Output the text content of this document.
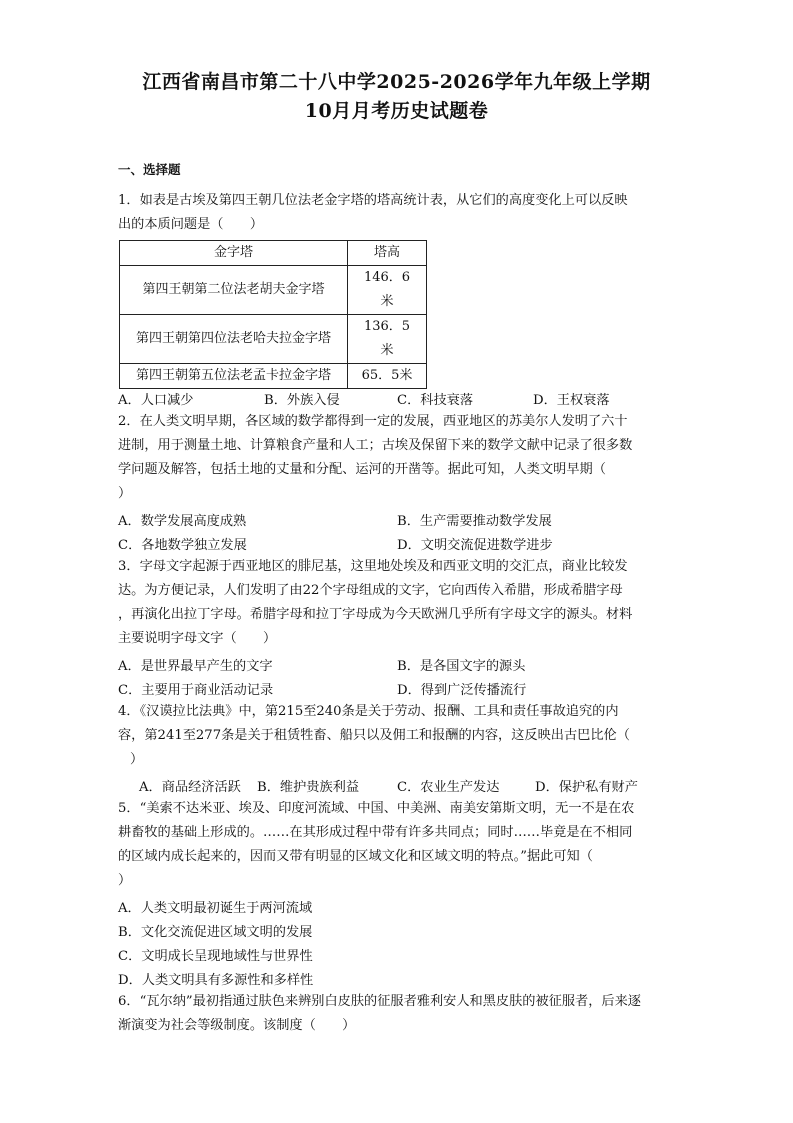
江西省南昌市第二十八中学2025-2026学年九年级上学期
10月月考历史试题卷
一、选择题
1．如表是古埃及第四王朝几位法老金字塔的塔高统计表，从它们的高度变化上可以反映
出的本质问题是（　　）
金字塔	塔高
第四王朝第二位法老胡夫金字塔	146．6
米

第四王朝第四位法老哈夫拉金字塔	136．5
米

第四王朝第五位法老孟卡拉金字塔	65．5米
A．人口减少	B．外族入侵	C．科技衰落	D．王权衰落
2．在人类文明早期，各区域的数学都得到一定的发展，西亚地区的苏美尔人发明了六十
进制，用于测量土地、计算粮食产量和人工；古埃及保留下来的数学文献中记录了很多数
学问题及解答，包括土地的丈量和分配、运河的开凿等。据此可知，人类文明早期（
）
A．数学发展高度成熟	B．生产需要推动数学发展
C．各地数学独立发展	D．文明交流促进数学进步
3．字母文字起源于西亚地区的腓尼基，这里地处埃及和西亚文明的交汇点，商业比较发
达。为方便记录，人们发明了由22个字母组成的文字，它向西传入希腊，形成希腊字母
，再演化出拉丁字母。希腊字母和拉丁字母成为今天欧洲几乎所有字母文字的源头。材料
主要说明字母文字（　　）
A．是世界最早产生的文字	B．是各国文字的源头
C．主要用于商业活动记录	D．得到广泛传播流行
4．《汉谟拉比法典》中，第215至240条是关于劳动、报酬、工具和责任事故追究的内
容，第241至277条是关于租赁牲畜、船只以及佣工和报酬的内容，这反映出古巴比伦（
）
A．商品经济活跃 B．维护贵族利益	C．农业生产发达	D．保护私有财产
5．“美索不达米亚、埃及、印度河流域、中国、中美洲、南美安第斯文明，无一不是在农
耕畜牧的基础上形成的。……在其形成过程中带有许多共同点；同时……毕竟是在不相同
的区域内成长起来的，因而又带有明显的区域文化和区域文明的特点。”据此可知（
）
A．人类文明最初诞生于两河流域
B．文化交流促进区域文明的发展
C．文明成长呈现地域性与世界性
D．人类文明具有多源性和多样性
6．“瓦尔纳”最初指通过肤色来辨别白皮肤的征服者雅利安人和黑皮肤的被征服者，后来逐
渐演变为社会等级制度。该制度（　　）
